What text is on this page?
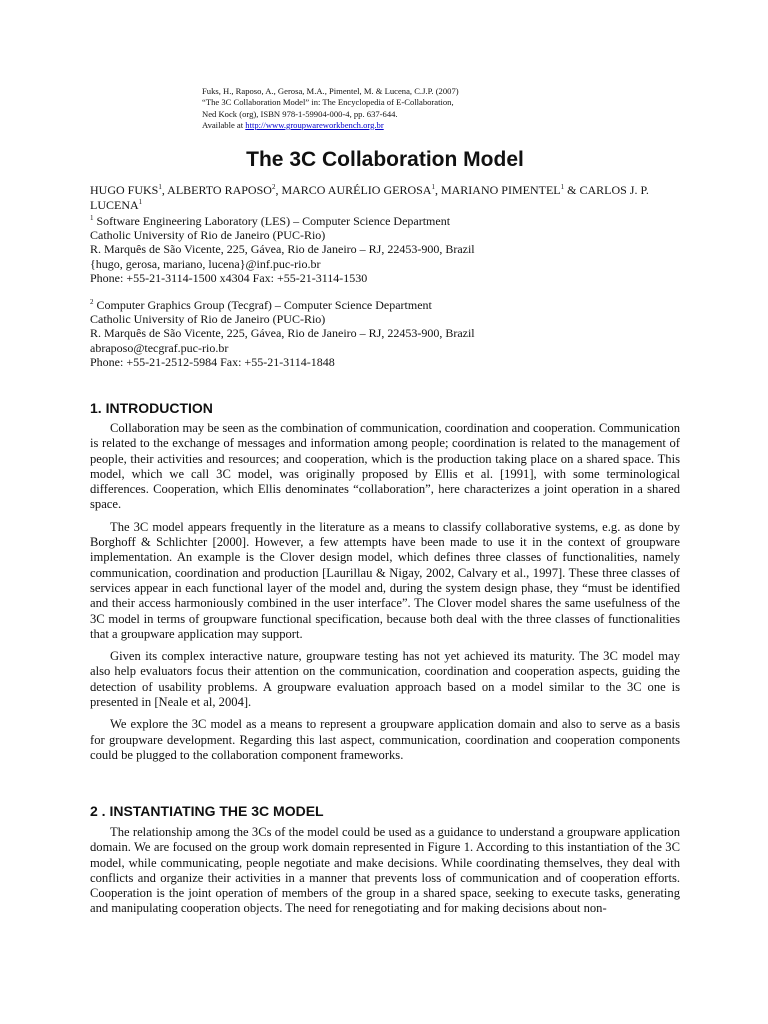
Fuks, H., Raposo, A., Gerosa, M.A., Pimentel, M. & Lucena, C.J.P. (2007)
“The 3C Collaboration Model” in: The Encyclopedia of E-Collaboration,
Ned Kock (org), ISBN 978-1-59904-000-4, pp. 637-644.
Available at http://www.groupwareworkbench.org.br
The 3C Collaboration Model
HUGO FUKS$^1$, ALBERTO RAPOSO$^2$, MARCO AURÉLIO GEROSA$^1$, MARIANO PIMENTEL$^1$ & CARLOS J. P. LUCENA$^1$
$^1$ Software Engineering Laboratory (LES) – Computer Science Department
Catholic University of Rio de Janeiro (PUC-Rio)
R. Marquês de São Vicente, 225, Gávea, Rio de Janeiro – RJ, 22453-900, Brazil
{hugo, gerosa, mariano, lucena}@inf.puc-rio.br
Phone: +55-21-3114-1500 x4304 Fax: +55-21-3114-1530
$^2$ Computer Graphics Group (Tecgraf) – Computer Science Department
Catholic University of Rio de Janeiro (PUC-Rio)
R. Marquês de São Vicente, 225, Gávea, Rio de Janeiro – RJ, 22453-900, Brazil
abraposo@tecgraf.puc-rio.br
Phone: +55-21-2512-5984 Fax: +55-21-3114-1848
1. INTRODUCTION

Collaboration may be seen as the combination of communication, coordination and cooperation. Communication is related to the exchange of messages and information among people; coordination is related to the management of people, their activities and resources; and cooperation, which is the production taking place on a shared space. This model, which we call 3C model, was originally proposed by Ellis et al. [1991], with some terminological differences. Cooperation, which Ellis denominates “collaboration”, here characterizes a joint operation in a shared space.

The 3C model appears frequently in the literature as a means to classify collaborative systems, e.g. as done by Borghoff & Schlichter [2000]. However, a few attempts have been made to use it in the context of groupware implementation. An example is the Clover design model, which defines three classes of functionalities, namely communication, coordination and production [Laurillau & Nigay, 2002, Calvary et al., 1997]. These three classes of services appear in each functional layer of the model and, during the system design phase, they “must be identified and their access harmoniously combined in the user interface”. The Clover model shares the same usefulness of the 3C model in terms of groupware functional specification, because both deal with the three classes of functionalities that a groupware application may support.

Given its complex interactive nature, groupware testing has not yet achieved its maturity. The 3C model may also help evaluators focus their attention on the communication, coordination and cooperation aspects, guiding the detection of usability problems. A groupware evaluation approach based on a model similar to the 3C one is presented in [Neale et al, 2004].

We explore the 3C model as a means to represent a groupware application domain and also to serve as a basis for groupware development. Regarding this last aspect, communication, coordination and cooperation components could be plugged to the collaboration component frameworks.

2 . INSTANTIATING THE 3C MODEL

The relationship among the 3Cs of the model could be used as a guidance to understand a groupware application domain. We are focused on the group work domain represented in Figure 1. According to this instantiation of the 3C model, while communicating, people negotiate and make decisions. While coordinating themselves, they deal with conflicts and organize their activities in a manner that prevents loss of communication and of cooperation efforts. Cooperation is the joint operation of members of the group in a shared space, seeking to execute tasks, generating and manipulating cooperation objects. The need for renegotiating and for making decisions about non-
